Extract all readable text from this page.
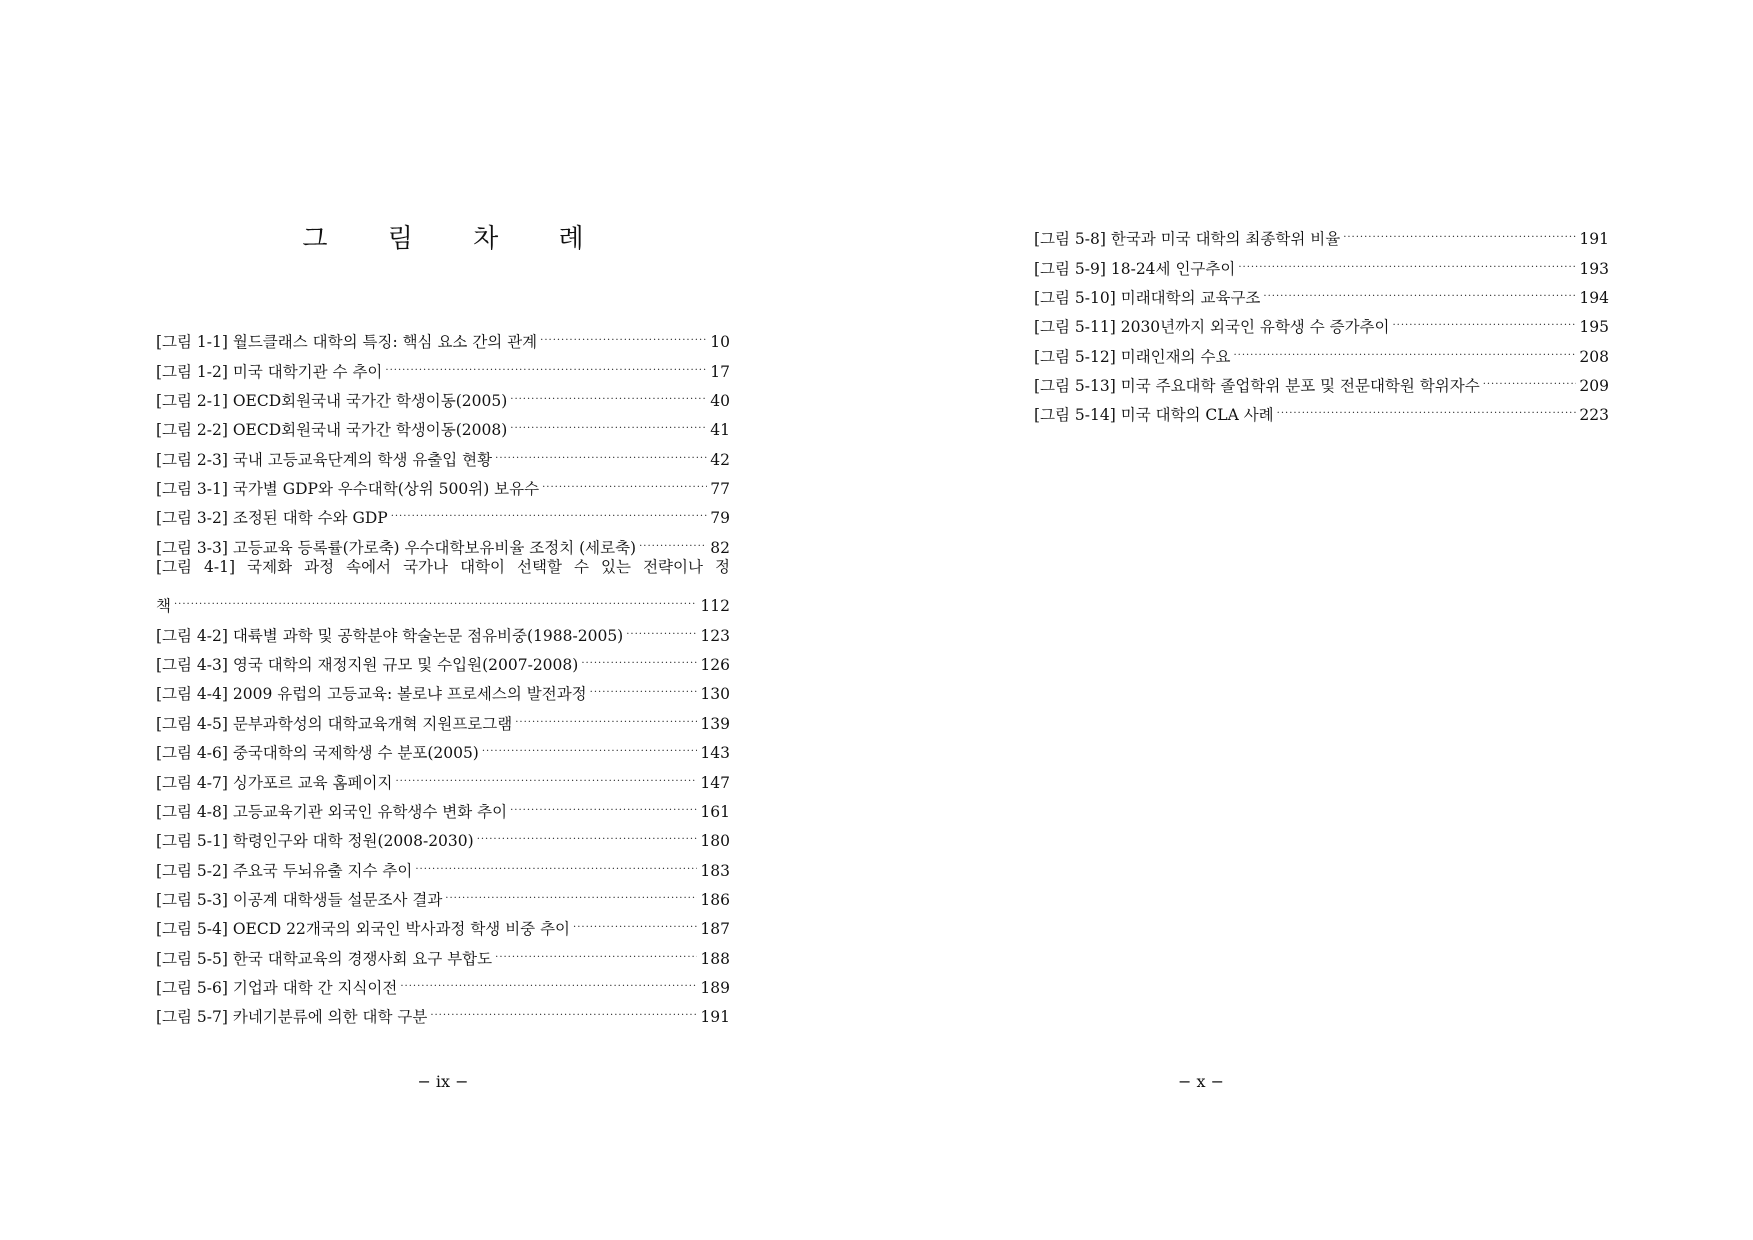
그 림 차 례
[그림 1-1] 월드클래스 대학의 특징: 핵심 요소 간의 관계 .....	10
[그림 1-2] 미국 대학기관 수 추이 .....	17
[그림 2-1] OECD회원국내 국가간 학생이동(2005) .....	40
[그림 2-2] OECD회원국내 국가간 학생이동(2008) .....	41
[그림 2-3] 국내 고등교육단계의 학생 유출입 현황 .....	42
[그림 3-1] 국가별 GDP와 우수대학(상위 500위) 보유수 .....	77
[그림 3-2] 조정된 대학 수와 GDP .....	79
[그림 3-3] 고등교육 등록률(가로축) 우수대학보유비율 조정치 (세로축) .....	82
[그림 4-1] 국제화 과정 속에서 국가나 대학이 선택할 수 있는 전략이나 정
책 .....	112
[그림 4-2] 대륙별 과학 및 공학분야 학술논문 점유비중(1988-2005) .....	123
[그림 4-3] 영국 대학의 재정지원 규모 및 수입원(2007-2008) .....	126
[그림 4-4] 2009 유럽의 고등교육: 볼로냐 프로세스의 발전과정 .....	130
[그림 4-5] 문부과학성의 대학교육개혁 지원프로그램 .....	139
[그림 4-6] 중국대학의 국제학생 수 분포(2005) .....	143
[그림 4-7] 싱가포르 교육 홈페이지 .....	147
[그림 4-8] 고등교육기관 외국인 유학생수 변화 추이 .....	161
[그림 5-1] 학령인구와 대학 정원(2008-2030) .....	180
[그림 5-2] 주요국 두뇌유출 지수 추이 .....	183
[그림 5-3] 이공계 대학생들 설문조사 결과 .....	186
[그림 5-4] OECD 22개국의 외국인 박사과정 학생 비중 추이 .....	187
[그림 5-5] 한국 대학교육의 경쟁사회 요구 부합도 .....	188
[그림 5-6] 기업과 대학 간 지식이전 .....	189
[그림 5-7] 카네기분류에 의한 대학 구분 .....	191
− ix −
[그림 5-8] 한국과 미국 대학의 최종학위 비율 .....	191
[그림 5-9] 18-24세 인구추이 .....	193
[그림 5-10] 미래대학의 교육구조 .....	194
[그림 5-11] 2030년까지 외국인 유학생 수 증가추이 .....	195
[그림 5-12] 미래인재의 수요 .....	208
[그림 5-13] 미국 주요대학 졸업학위 분포 및 전문대학원 학위자수 .....	209
[그림 5-14] 미국 대학의 CLA 사례 .....	223
− x −
